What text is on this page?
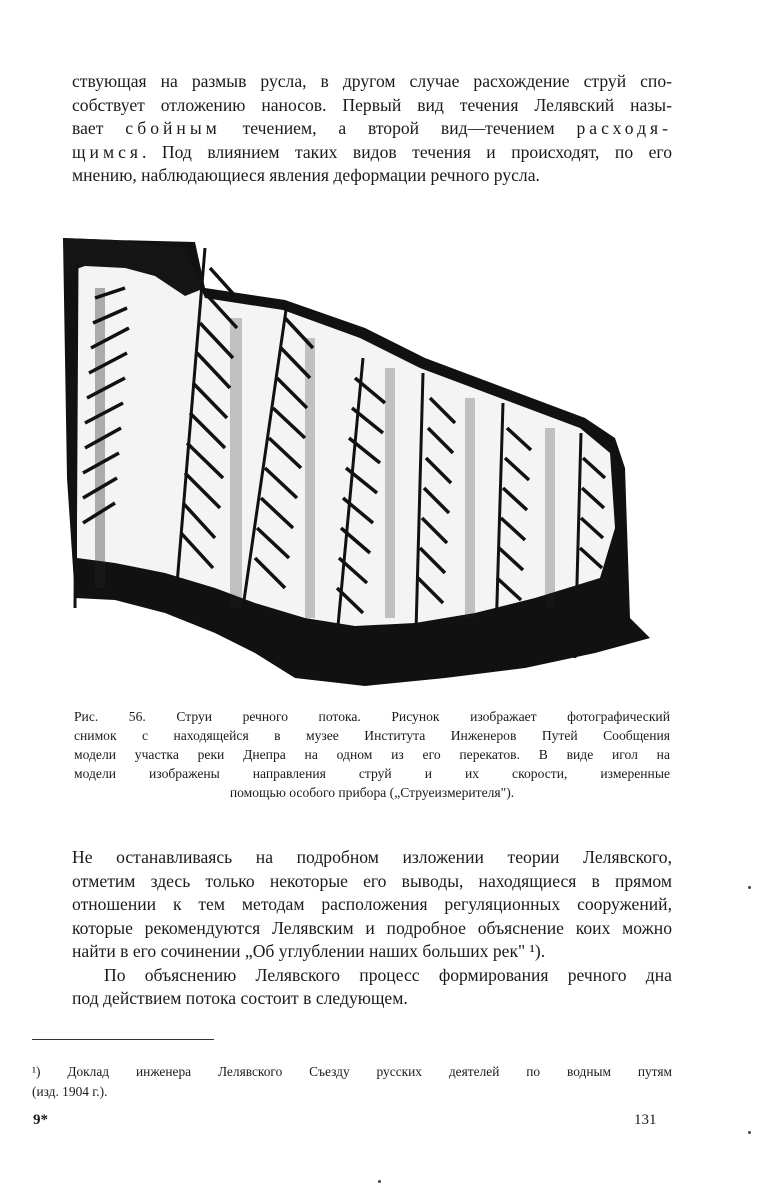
ствующая на размыв русла, в другом случае расхождение струй спо-
собствует отложению наносов. Первый вид течения Лелявский назы-
вает сбойным течением, а второй вид—течением расходя-
щимся. Под влиянием таких видов течения и происходят, по его
мнению, наблюдающиеся явления деформации речного русла.
Рис. 56. Струи речного потока. Рисунок изображает фотографический
снимок с находящейся в музее Института Инженеров Путей Сообщения
модели участка реки Днепра на одном из его перекатов. В виде игол на
модели изображены направления струй и их скорости, измеренные
помощью особого прибора („Струеизмерителя").
Не останавливаясь на подробном изложении теории Лелявского,
отметим здесь только некоторые его выводы, находящиеся в прямом
отношении к тем методам расположения регуляционных сооружений,
которые рекомендуются Лелявским и подробное объяснение коих можно
найти в его сочинении „Об углублении наших больших рек" ¹).
По объяснению Лелявского процесс формирования речного дна
под действием потока состоит в следующем.
¹) Доклад инженера Лелявского Съезду русских деятелей по водным путям
(изд. 1904 г.).
9*	131
